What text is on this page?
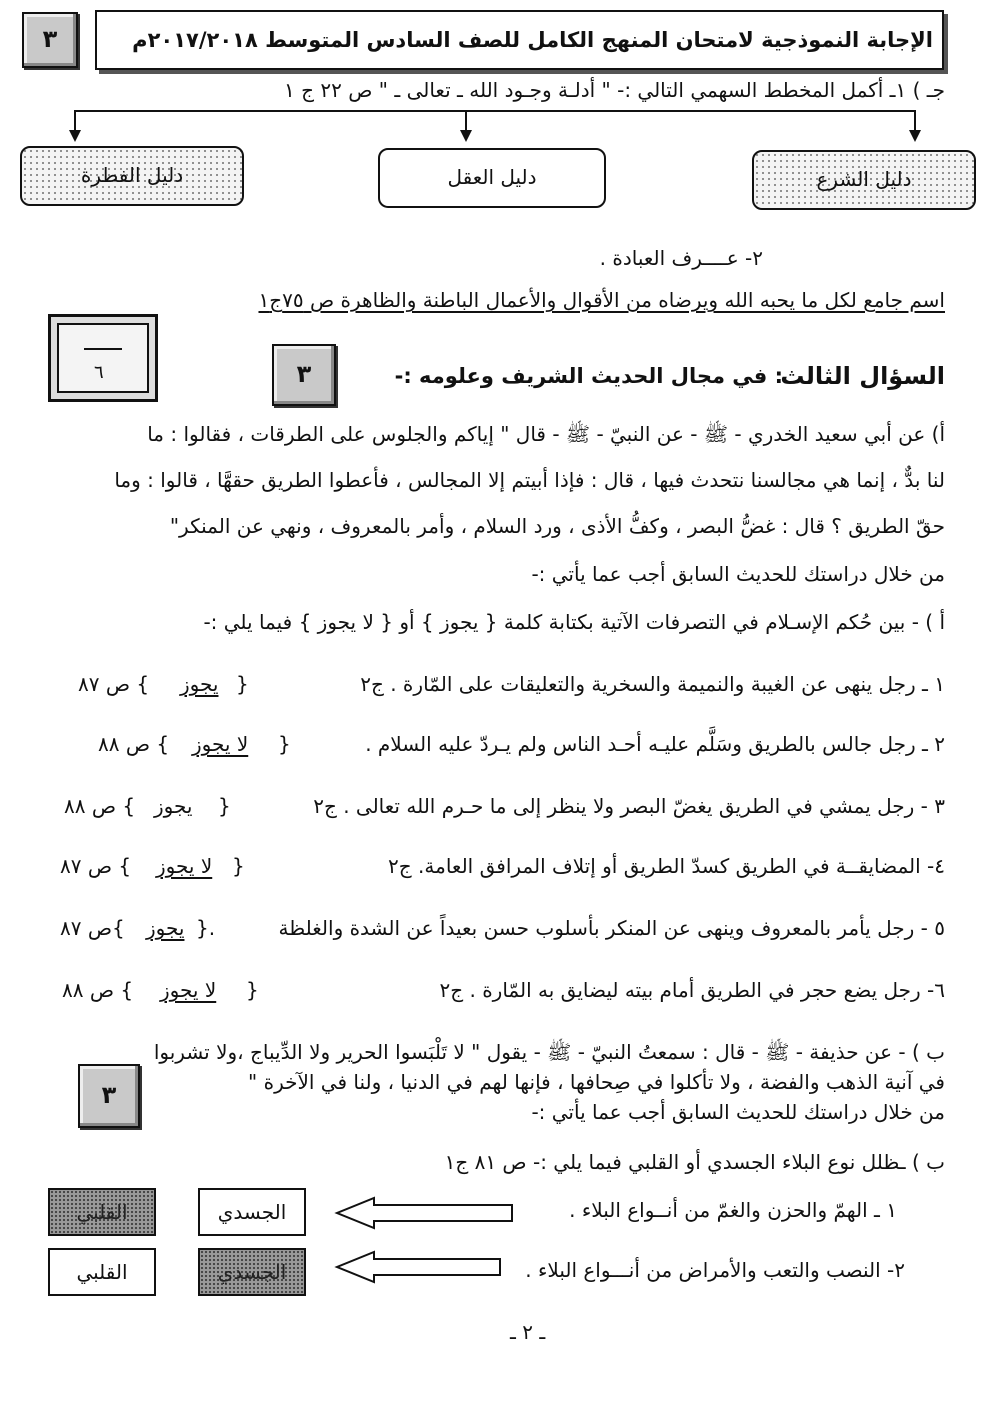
الإجابة النموذجية لامتحان المنهج الكامل للصف السادس المتوسط ٢٠١٧/٢٠١٨م
٣
جـ ) ١ـ أكمل المخطط السهمي التالي :- " أدلـة وجـود الله ـ تعالى ـ " ص ٢٢ ج ١
دليل الشرع
دليل العقل
دليل الفطرة
٢- عــــرف العبادة .
اسم جامع لكل ما يحبه الله ويرضاه من الأقوال والأعمال الباطنة والظاهرة ص ٧٥ج١
٦	٣	السؤال الثالث
: في مجال الحديث الشريف وعلومه :-
أ) عن أبي سعيد الخدري - ﷺ - عن النبيّ - ﷺ - قال " إياكم والجلوس على الطرقات ، فقالوا : ما
لنا بدٌّ ، إنما هي مجالسنا نتحدث فيها ، قال : فإذا أبيتم إلا المجالس ، فأعطوا الطريق حقهَّا ، قالوا : وما
حقّ الطريق ؟ قال : غضُّ البصر ، وكفُّ الأذى ، ورد السلام ، وأمر بالمعروف ، ونهي عن المنكر"
من خلال دراستك للحديث السابق أجب عما يأتي :-
أ ) - بين حُكم الإسـلام في التصرفات الآتية بكتابة كلمة { يجوز } أو { لا يجوز } فيما يلي :-
١ ـ رجل ينهى عن الغيبة والنميمة والسخرية والتعليقات على المّارة . ج٢
{
يجوز
} ص ٨٧
٢ ـ رجل جالس بالطريق وسَلَّم عليـه أحـد الناس ولم يـردّ عليه السلام .
{
لا يجوز
} ص ٨٨
٣ - رجل يمشي في الطريق يغضّ البصر ولا ينظر إلى ما حـرم الله تعالى . ج٢
{
يجوز
} ص ٨٨
٤- المضايقــة في الطريق كسدّ الطريق أو إتلاف المرافق العامة. ج٢
{
لا يجوز
} ص ٨٧
٥ - رجل يأمر بالمعروف وينهى عن المنكر بأسلوب حسن بعيداً عن الشدة والغلظة
.{
يجوز
}ص ٨٧
٦- رجل يضع حجر في الطريق أمام بيته ليضايق به المّارة . ج٢
{
لا يجوز
} ص ٨٨
ب ) - عن حذيفة - ﷺ - قال : سمعتُ النبيّ - ﷺ - يقول " لا تَلْبَسوا الحرير ولا الدِّيباج ،ولا تشربوا
في آنية الذهب والفضة ، ولا تأكلوا في صِحافها ، فإنها لهم في الدنيا ، ولنا في الآخرة "
من خلال دراستك للحديث السابق أجب عما يأتي :-
٣
ب ) ـظلل نوع البلاء الجسدي أو القلبي فيما يلي :- ص ٨١ ج١
١ ـ الهمّ والحزن والغمّ من أنــواع البلاء .
الجسدي
القلبي
٢- النصب والتعب والأمراض من أنـــواع البلاء .
الجسدي
القلبي
ـ ٢ ـ
